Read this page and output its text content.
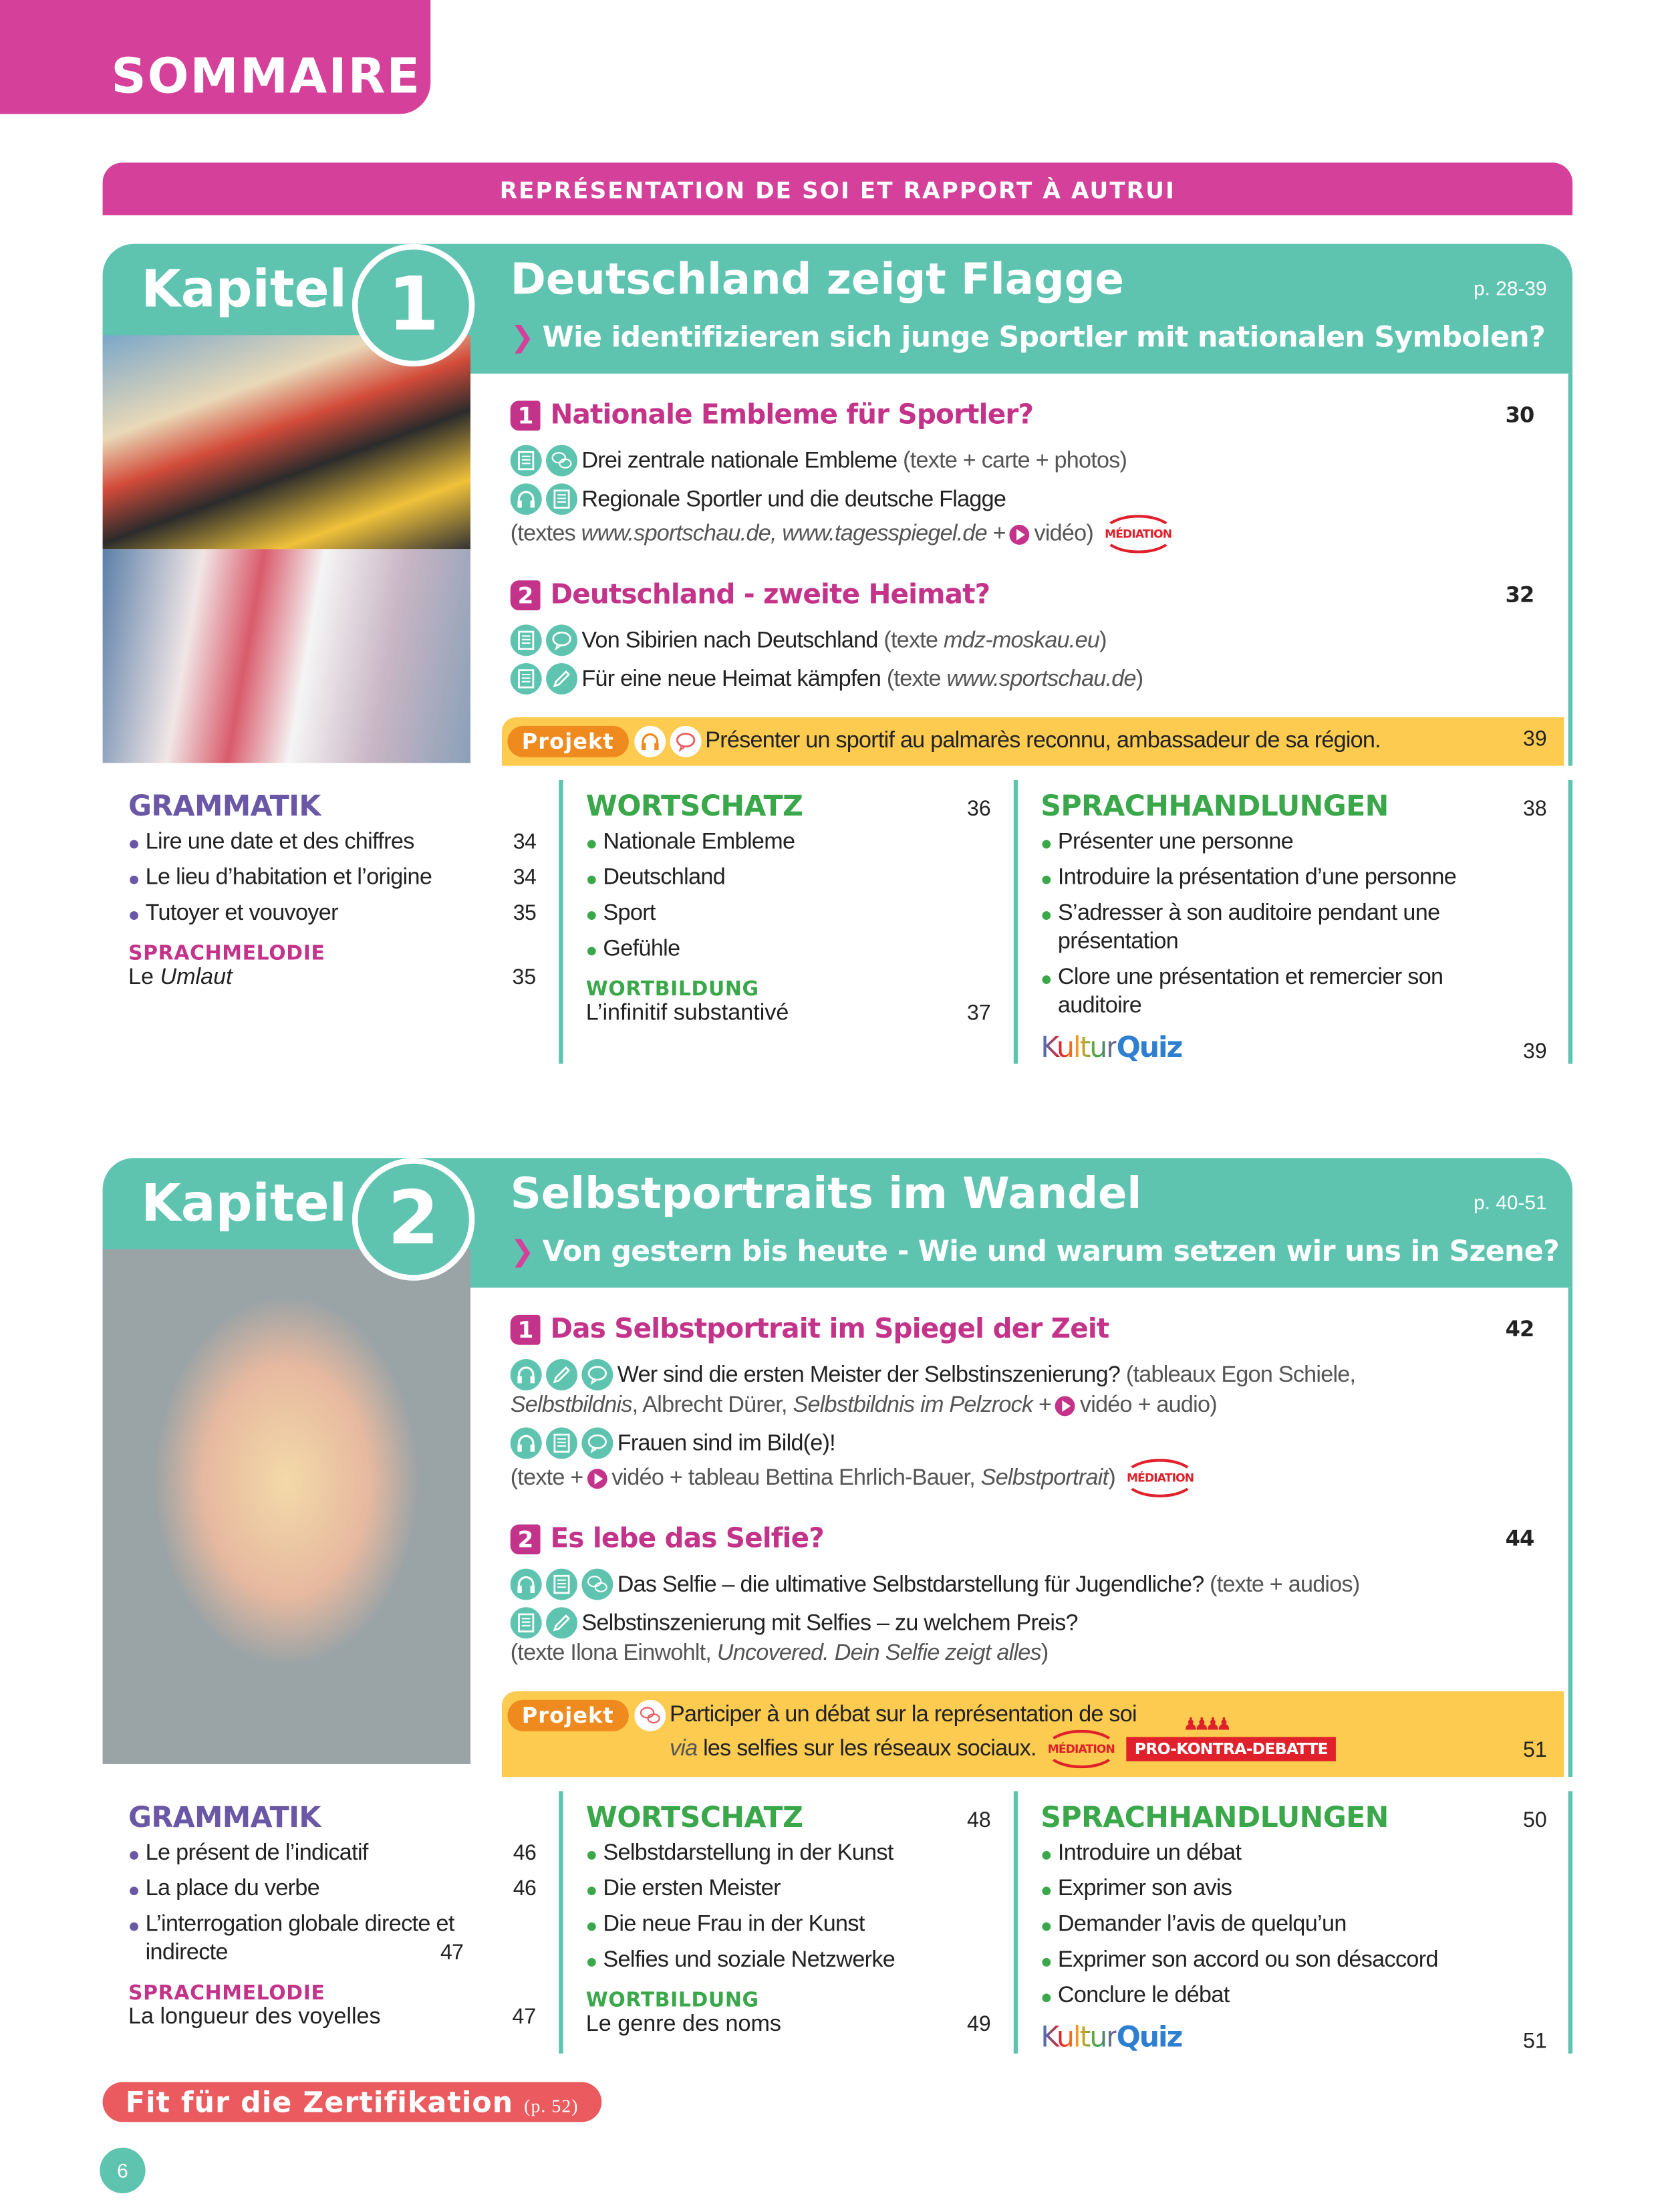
SOMMAIRE
REPRÉSENTATION DE SOI ET RAPPORT À AUTRUI
Kapitel	1	Deutschland zeigt Flagge	p. 28-39
❯ Wie identifizieren sich junge Sportler mit nationalen Symbolen?
1	Nationale Embleme für Sportler?	30
Drei zentrale nationale Embleme (texte + carte + photos)
Regionale Sportler und die deutsche Flagge
(textes www.sportschau.de, www.tagesspiegel.de +	vidéo)	MÉDIATION
2	Deutschland - zweite Heimat?	32
Von Sibirien nach Deutschland (texte mdz-moskau.eu )
Für eine neue Heimat kämpfen (texte www.sportschau.de )
Projekt	Présenter un sportif au palmarès reconnu, ambassadeur de sa région.	39
GRAMMATIK
Lire une date et des chiffres	34
Le lieu d’habitation et l’origine	34
Tutoyer et vouvoyer	35
SPRACHMELODIE
Le Umlaut	35
WORTSCHATZ	36
Nationale Embleme
Deutschland
Sport
Gefühle
WORTBILDUNG
L’infinitif substantivé	37
SPRACHHANDLUNGEN	38
Présenter une personne
Introduire la présentation d’une personne
S’adresser à son auditoire pendant une présentation
Clore une présentation et remercier son auditoire
KulturQuiz	39
Kapitel	2	Selbstportraits im Wandel	p. 40-51
❯ Von gestern bis heute - Wie und warum setzen wir uns in Szene?
1	Das Selbstportrait im Spiegel der Zeit	42
Wer sind die ersten Meister der Selbstinszenierung? (tableaux Egon Schiele,
Selbstbildnis , Albrecht Dürer, Selbstbildnis im Pelzrock +	vidéo + audio)
Frauen sind im Bild(e)!
(texte +	vidéo + tableau Bettina Ehrlich-Bauer, Selbstportrait )	MÉDIATION
2	Es lebe das Selfie?	44
Das Selfie – die ultimative Selbstdarstellung für Jugendliche? (texte + audios)
Selbstinszenierung mit Selfies – zu welchem Preis?
(texte Ilona Einwohlt, Uncovered. Dein Selfie zeigt alles )
Projekt	Participer à un débat sur la représentation de soi
via les selfies sur les réseaux sociaux.	MÉDIATION	♟♟♟♟ PRO-KONTRA-DEBATTE	51
GRAMMATIK
Le présent de l’indicatif	46
La place du verbe	46
L’interrogation globale directe et indirecte	47
SPRACHMELODIE
La longueur des voyelles	47
WORTSCHATZ	48
Selbstdarstellung in der Kunst
Die ersten Meister
Die neue Frau in der Kunst
Selfies und soziale Netzwerke
WORTBILDUNG
Le genre des noms	49
SPRACHHANDLUNGEN	50
Introduire un débat
Exprimer son avis
Demander l’avis de quelqu’un
Exprimer son accord ou son désaccord
Conclure le débat
KulturQuiz	51
Fit für die Zertifikation (p. 52)
6
